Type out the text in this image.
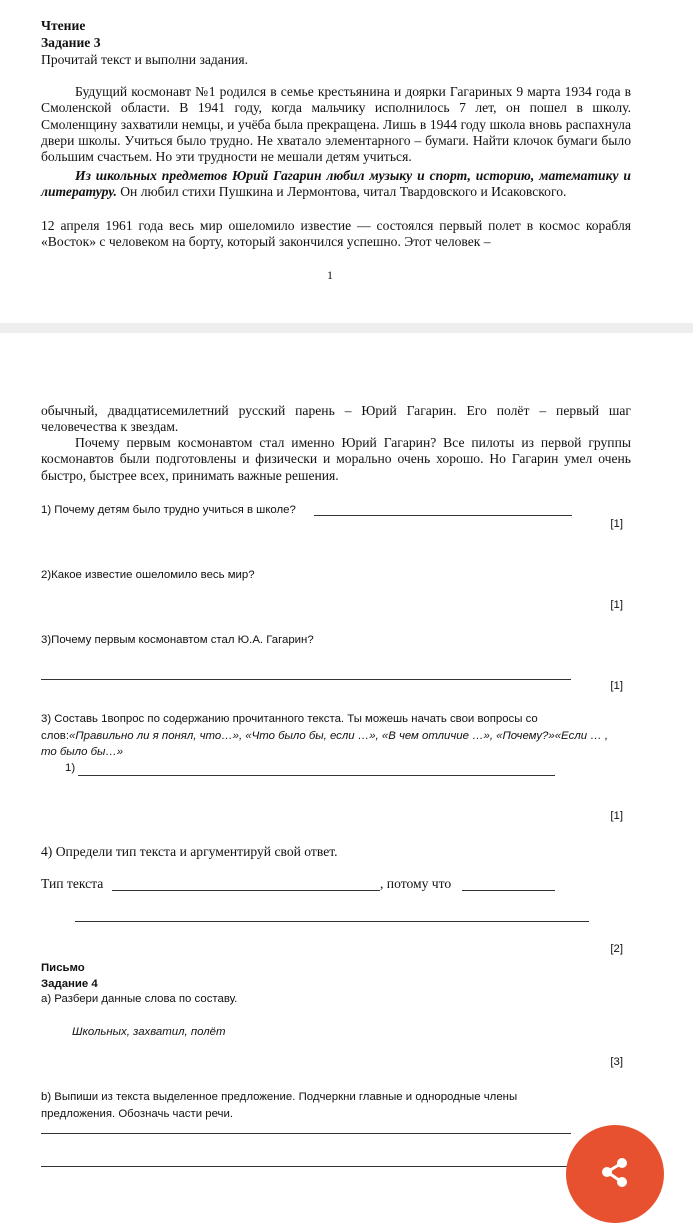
Чтение
Задание 3
Прочитай текст и выполни задания.
Будущий космонавт №1 родился в семье крестьянина и доярки Гагариных 9 марта 1934 года в Смоленской области. В 1941 году, когда мальчику исполнилось 7 лет, он пошел в школу. Смоленщину захватили немцы, и учёба была прекращена. Лишь в 1944 году школа вновь распахнула двери школы. Учиться было трудно. Не хватало элементарного – бумаги. Найти клочок бумаги было большим счастьем. Но эти трудности не мешали детям учиться.
Из школьных предметов Юрий Гагарин любил музыку и спорт, историю, математику и литературу. Он любил стихи Пушкина и Лермонтова, читал Твардовского и Исаковского.
12 апреля 1961 года весь мир ошеломило известие — состоялся первый полет в космос корабля «Восток» с человеком на борту, который закончился успешно. Этот человек –
1
обычный, двадцатисемилетний русский парень – Юрий Гагарин. Его полёт – первый шаг человечества к звездам.
Почему первым космонавтом стал именно Юрий Гагарин? Все пилоты из первой группы космонавтов были подготовлены и физически и морально очень хорошо. Но Гагарин умел очень быстро, быстрее всех, принимать важные решения.
1) Почему детям было трудно учиться в школе?
[1]
2)Какое известие ошеломило весь мир?
[1]
3)Почему первым космонавтом стал Ю.А. Гагарин?
[1]
3) Составь 1вопрос по содержанию прочитанного текста. Ты можешь начать свои вопросы со слов:«Правильно ли я понял, что…», «Что было бы, если …», «В чем отличие …», «Почему?»«Если … , то было бы…»
1)
[1]
4) Определи тип текста и аргументируй свой ответ.
Тип текста	, потому что
[2]
Письмо
Задание 4
а) Разбери данные слова по составу.
Школьных, захватил, полёт
[3]
b) Выпиши из текста выделенное предложение. Подчеркни главные и однородные члены предложения. Обозначь части речи.
